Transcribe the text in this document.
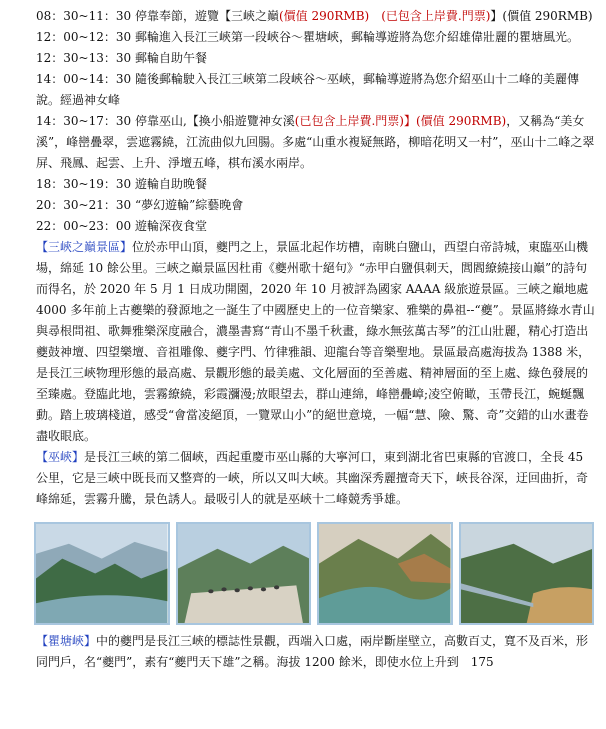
08：30~11：30 停靠奉節，遊覽【三峽之巔(價值 290RMB)　(已包含上岸費.門票)】(價值 290RMB)

12：00~12：30 郵輪進入長江三峽第一段峽谷～瞿塘峽，郵輪導遊將為您介紹雄偉壯麗的瞿塘風光。

12：30~13：30 郵輪自助午餐

14：00~14：30 隨後郵輪駛入長江三峽第二段峽谷～巫峽，郵輪導遊將為您介紹巫山十二峰的美麗傳說。經過神女峰

14：30~17：30 停靠巫山,【換小船遊覽神女溪(已包含上岸費.門票)】(價值 290RMB)，又稱為“美女溪”，峰巒疊翠，雲遮霧繞，江流曲似九回腸。多處“山重水複疑無路，柳暗花明又一村”，巫山十二峰之翠屏、飛鳳、起雲、上升、淨壇五峰，棋布溪水兩岸。

18：30~19：30 遊輪自助晚餐

20：30~21：30 “夢幻遊輪”綜藝晚會

22：00~23：00 遊輪深夜食堂

【三峽之巔景區】位於赤甲山頂，夔門之上，景區北起作坊槽，南眺白鹽山，西望白帝詩城，東臨巫山機場，綿延 10 餘公里。三峽之巔景區因杜甫《夔州歌十絕句》“赤甲白鹽俱刺天，閭閻繚繞接山巔”的詩句而得名，於 2020 年 5 月 1 日成功開園，2020 年 10 月被評為國家 AAAA 級旅遊景區。三峽之巔地處 4000 多年前上古夔樂的發源地之一誕生了中國歷史上的一位音樂家、雅樂的鼻祖--“夔”。景區將綠水青山與尋根問祖、歌舞雅樂深度融合，濃墨書寫“青山不墨千秋畫，綠水無弦萬古琴”的江山壯麗，精心打造出夔鼓神壇、四望樂壇、音祖雕像、夔字門、竹律雅韻、迎龍台等音樂聖地。景區最高處海拔為 1388 米，是長江三峽物理形態的最高處、景觀形態的最美處、文化層面的至善處、精神層面的至上處、綠色發展的至臻處。登臨此地，雲霧繚繞，彩霞瀰漫;放眼望去，群山連綿，峰巒疊嶂;凌空俯瞰，玉帶長江，蜿蜒飄動。踏上玻璃棧道，感受“會當凌絕頂，一覽眾山小”的絕世意境，一幅“慧、險、驚、奇”交錯的山水畫卷盡收眼底。

【巫峽】是長江三峽的第二個峽，西起重慶市巫山縣的大寧河口，東到湖北省巴東縣的官渡口，全長 45 公里，它是三峽中既長而又整齊的一峽，所以又叫大峽。其幽深秀麗擅奇天下，峽長谷深，迂回曲折，奇峰綿延，雲霧升騰，景色誘人。最吸引人的就是巫峽十二峰競秀爭雄。

【瞿塘峽】中的夔門是長江三峽的標誌性景觀，西端入口處，兩岸斷崖壁立，高數百丈，寬不及百米，形同門戶，名“夔門”，素有“夔門天下雄”之稱。海拔 1200 餘米，即使水位上升到　175
